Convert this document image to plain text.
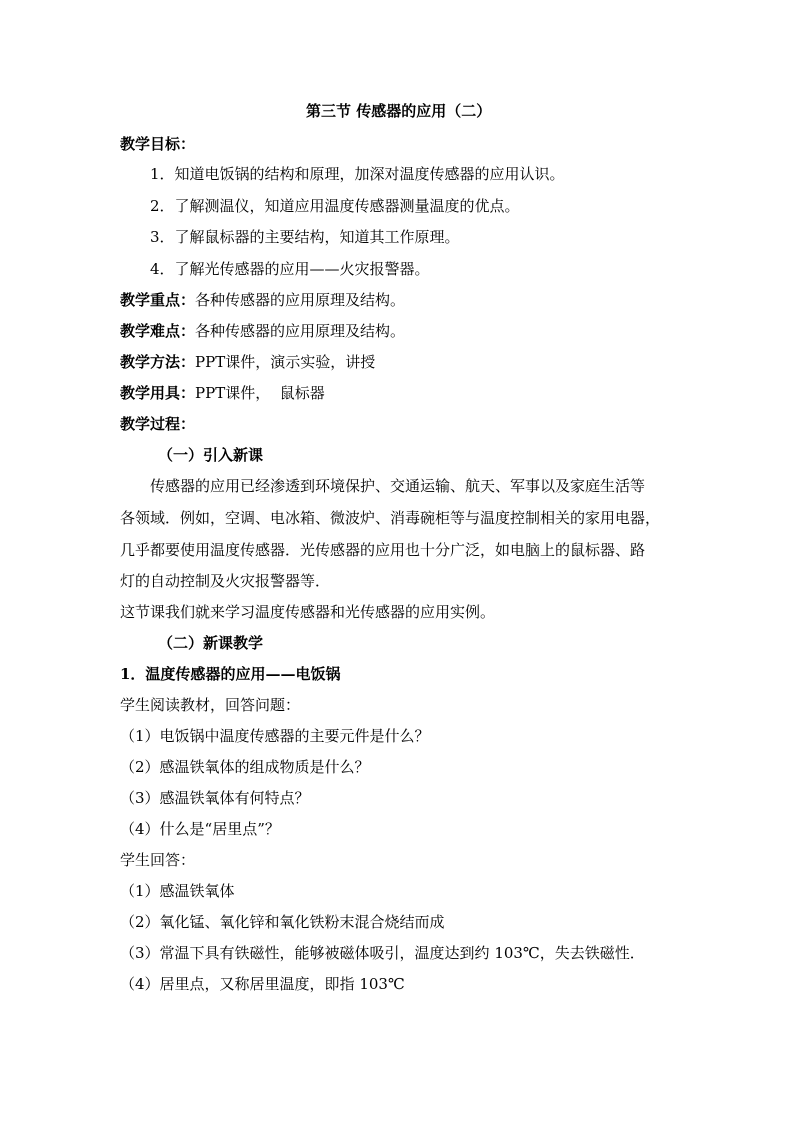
第三节 传感器的应用（二）
教学目标：
1．知道电饭锅的结构和原理，加深对温度传感器的应用认识。
2．了解测温仪，知道应用温度传感器测量温度的优点。
3．了解鼠标器的主要结构，知道其工作原理。
4．了解光传感器的应用——火灾报警器。
教学重点：各种传感器的应用原理及结构。
教学难点：各种传感器的应用原理及结构。
教学方法：PPT课件，演示实验，讲授
教学用具：PPT课件，  鼠标器
教学过程：
（一）引入新课
传感器的应用已经渗透到环境保护、交通运输、航天、军事以及家庭生活等
各领域．例如，空调、电冰箱、微波炉、消毒碗柜等与温度控制相关的家用电器，
几乎都要使用温度传感器．光传感器的应用也十分广泛，如电脑上的鼠标器、路
灯的自动控制及火灾报警器等．
这节课我们就来学习温度传感器和光传感器的应用实例。
（二）新课教学
1．温度传感器的应用——电饭锅
学生阅读教材，回答问题：
（1）电饭锅中温度传感器的主要元件是什么？
（2）感温铁氧体的组成物质是什么？
（3）感温铁氧体有何特点？
（4）什么是“居里点”？
学生回答：
（1）感温铁氧体
（2）氧化锰、氧化锌和氧化铁粉末混合烧结而成
（3）常温下具有铁磁性，能够被磁体吸引，温度达到约 103℃，失去铁磁性．
（4）居里点，又称居里温度，即指 103℃
